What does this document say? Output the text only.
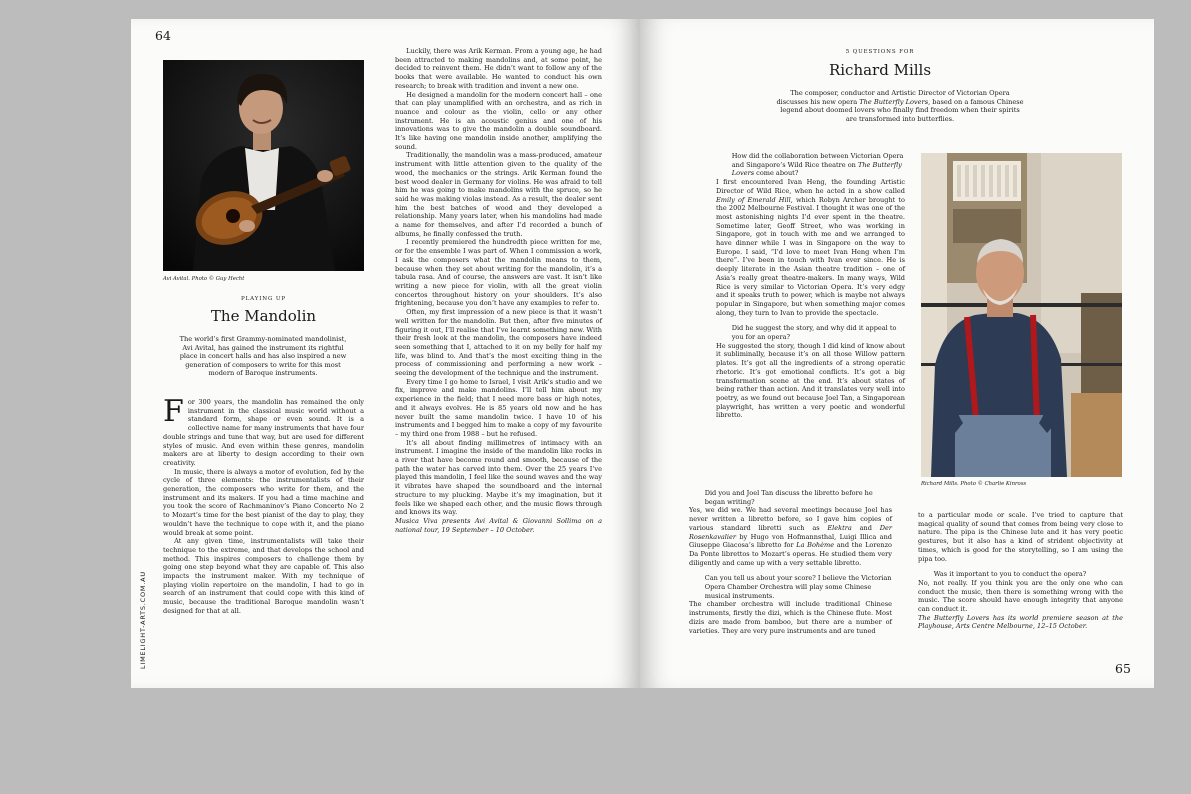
64
LIMELIGHT-ARTS.COM.AU
Avi Avital. Photo © Guy Hecht
PLAYING UP
The Mandolin
The world’s first Grammy-nominated mandolinist, Avi Avital, has gained the instrument its rightful place in concert halls and has also inspired a new generation of composers to write for this most modern of Baroque instruments.

For 300 years, the mandolin has remained the only instrument in the classical music world without a standard form, shape or even sound. It is a collective name for many instruments that have four double strings and tune that way, but are used for different styles of music. And even within these genres, mandolin makers are at liberty to design according to their own creativity.

In music, there is always a motor of evolution, fed by the cycle of three elements: the instrumentalists of their generation, the composers who write for them, and the instrument and its makers. If you had a time machine and you took the score of Rachmaninov’s Piano Concerto No 2 to Mozart’s time for the best pianist of the day to play, they wouldn’t have the technique to cope with it, and the piano would break at some point.

At any given time, instrumentalists will take their technique to the extreme, and that develops the school and method. This inspires composers to challenge them by going one step beyond what they are capable of. This also impacts the instrument maker. With my technique of playing violin repertoire on the mandolin, I had to go in search of an instrument that could cope with this kind of music, because the traditional Baroque mandolin wasn’t designed for that at all.

Luckily, there was Arik Kerman. From a young age, he had been attracted to making mandolins and, at some point, he decided to reinvent them. He didn’t want to follow any of the books that were available. He wanted to conduct his own research; to break with tradition and invent a new one.

He designed a mandolin for the modern concert hall – one that can play unamplified with an orchestra, and as rich in nuance and colour as the violin, cello or any other instrument. He is an acoustic genius and one of his innovations was to give the mandolin a double soundboard. It’s like having one mandolin inside another, amplifying the sound.

Traditionally, the mandolin was a mass-produced, amateur instrument with little attention given to the quality of the wood, the mechanics or the strings. Arik Kerman found the best wood dealer in Germany for violins. He was afraid to tell him he was going to make mandolins with the spruce, so he said he was making violas instead. As a result, the dealer sent him the best batches of wood and they developed a relationship. Many years later, when his mandolins had made a name for themselves, and after I’d recorded a bunch of albums, he finally confessed the truth.

I recently premiered the hundredth piece written for me, or for the ensemble I was part of. When I commission a work, I ask the composers what the mandolin means to them, because when they set about writing for the mandolin, it’s a tabula rasa. And of course, the answers are vast. It isn’t like writing a new piece for violin, with all the great violin concertos throughout history on your shoulders. It’s also frightening, because you don’t have any examples to refer to.

Often, my first impression of a new piece is that it wasn’t well written for the mandolin. But then, after five minutes of figuring it out, I’ll realise that I’ve learnt something new. With their fresh look at the mandolin, the composers have indeed seen something that I, attached to it on my belly for half my life, was blind to. And that’s the most exciting thing in the process of commissioning and performing a new work – seeing the development of the technique and the instrument.

Every time I go home to Israel, I visit Arik’s studio and we fix, improve and make mandolins. I’ll tell him about my experience in the field; that I need more bass or high notes, and it always evolves. He is 85 years old now and he has never built the same mandolin twice. I have 10 of his instruments and I begged him to make a copy of my favourite – my third one from 1988 – but he refused.

It’s all about finding millimetres of intimacy with an instrument. I imagine the inside of the mandolin like rocks in a river that have become round and smooth, because of the path the water has carved into them. Over the 25 years I’ve played this mandolin, I feel like the sound waves and the way it vibrates have shaped the soundboard and the internal structure to my plucking. Maybe it’s my imagination, but it feels like we shaped each other, and the music flows through and knows its way.

Musica Viva presents Avi Avital & Giovanni Sollima on a national tour, 19 September – 10 October.

5 QUESTIONS FOR
Richard Mills
The composer, conductor and Artistic Director of Victorian Opera discusses his new opera The Butterfly Lovers, based on a famous Chinese legend about doomed lovers who finally find freedom when their spirits are transformed into butterflies.
Richard Mills. Photo © Charlie Kinross

How did the collaboration between Victorian Opera and Singapore’s Wild Rice theatre on The Butterfly Lovers come about?

I first encountered Ivan Heng, the founding Artistic Director of Wild Rice, when he acted in a show called Emily of Emerald Hill, which Robyn Archer brought to the 2002 Melbourne Festival. I thought it was one of the most astonishing nights I’d ever spent in the theatre. Sometime later, Geoff Street, who was working in Singapore, got in touch with me and we arranged to have dinner while I was in Singapore on the way to Europe. I said, “I’d love to meet Ivan Heng when I’m there”. I’ve been in touch with Ivan ever since. He is deeply literate in the Asian theatre tradition – one of Asia’s really great theatre-makers. In many ways, Wild Rice is very similar to Victorian Opera. It’s very edgy and it speaks truth to power, which is maybe not always popular in Singapore, but when something major comes along, they turn to Ivan to provide the spectacle.

Did he suggest the story, and why did it appeal to you for an opera?

He suggested the story, though I did kind of know about it subliminally, because it’s on all those Willow pattern plates. It’s got all the ingredients of a strong operatic rhetoric. It’s got emotional conflicts. It’s got a big transformation scene at the end. It’s about states of being rather than action. And it translates very well into poetry, as we found out because Joel Tan, a Singaporean playwright, has written a very poetic and wonderful libretto.

Did you and Joel Tan discuss the libretto before he began writing?

Yes, we did we. We had several meetings because Joel has never written a libretto before, so I gave him copies of various standard libretti such as Elektra and Der Rosenkavalier by Hugo von Hofmannsthal, Luigi Illica and Giuseppe Giacosa’s libretto for La Bohème and the Lorenzo Da Ponte librettos to Mozart’s operas. He studied them very diligently and came up with a very settable libretto.

Can you tell us about your score? I believe the Victorian Opera Chamber Orchestra will play some Chinese musical instruments.

The chamber orchestra will include traditional Chinese instruments, firstly the dizi, which is the Chinese flute. Most dizis are made from bamboo, but there are a number of varieties. They are very pure instruments and are tuned

to a particular mode or scale. I’ve tried to capture that magical quality of sound that comes from being very close to nature. The pipa is the Chinese lute and it has very poetic gestures, but it also has a kind of strident objectivity at times, which is good for the storytelling, so I am using the pipa too.

Was it important to you to conduct the opera?

No, not really. If you think you are the only one who can conduct the music, then there is something wrong with the music. The score should have enough integrity that anyone can conduct it.

The Butterfly Lovers has its world premiere season at the Playhouse, Arts Centre Melbourne, 12–15 October.

65
